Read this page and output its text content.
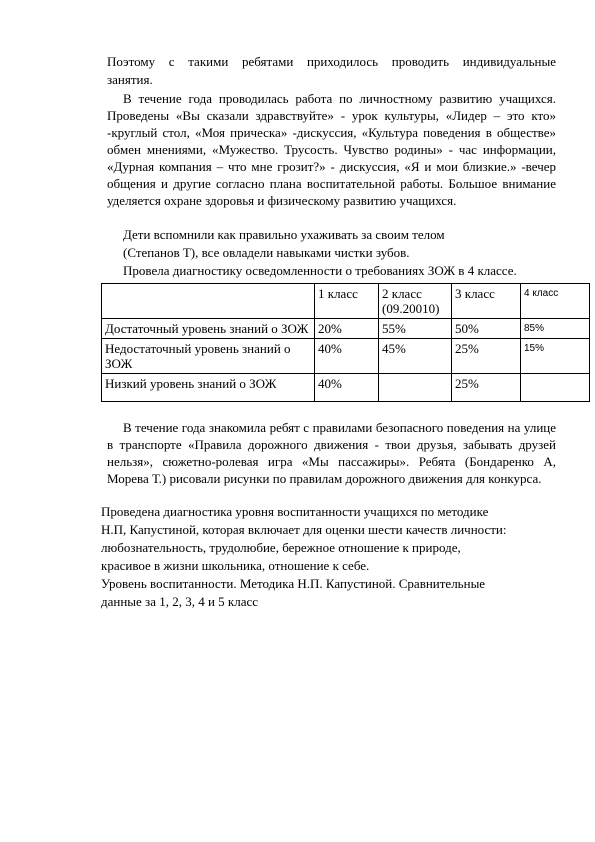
Поэтому с такими ребятами приходилось проводить индивидуальные
занятия.

В течение года проводилась работа по личностному развитию учащихся. Проведены «Вы сказали здравствуйте» - урок культуры, «Лидер – это кто» -круглый стол, «Моя прическа» -дискуссия, «Культура поведения в обществе» обмен мнениями, «Мужество. Трусость. Чувство родины» - час информации, «Дурная компания – что мне грозит?» - дискуссия, «Я и мои близкие.» -вечер общения и другие согласно плана воспитательной работы. Большое внимание уделяется охране здоровья и физическому развитию учащихся.

Дети вспомнили как правильно ухаживать за своим телом
(Степанов Т), все овладели навыками чистки зубов.
Провела диагностику осведомленности о требованиях ЗОЖ в 4 классе.
	1 класс	2 класс (09.20010)	3 класс	4 класс
Достаточный уровень знаний о ЗОЖ	20%	55%	50%	85%
Недостаточный уровень знаний о ЗОЖ	40%	45%	25%	15%
Низкий уровень знаний о ЗОЖ	40%		25%	

В течение года знакомила ребят с правилами безопасного поведения на улице в транспорте «Правила дорожного движения - твои друзья, забывать друзей нельзя», сюжетно-ролевая игра «Мы пассажиры». Ребята (Бондаренко А, Морева Т.) рисовали рисунки по правилам дорожного движения для конкурса.

Проведена диагностика уровня воспитанности учащихся по методике
Н.П, Капустиной, которая включает для оценки шести качеств личности:
любознательность, трудолюбие, бережное отношение к природе,
красивое в жизни школьника, отношение к себе.
Уровень воспитанности. Методика Н.П. Капустиной. Сравнительные
данные за 1, 2, 3, 4 и 5 класс
